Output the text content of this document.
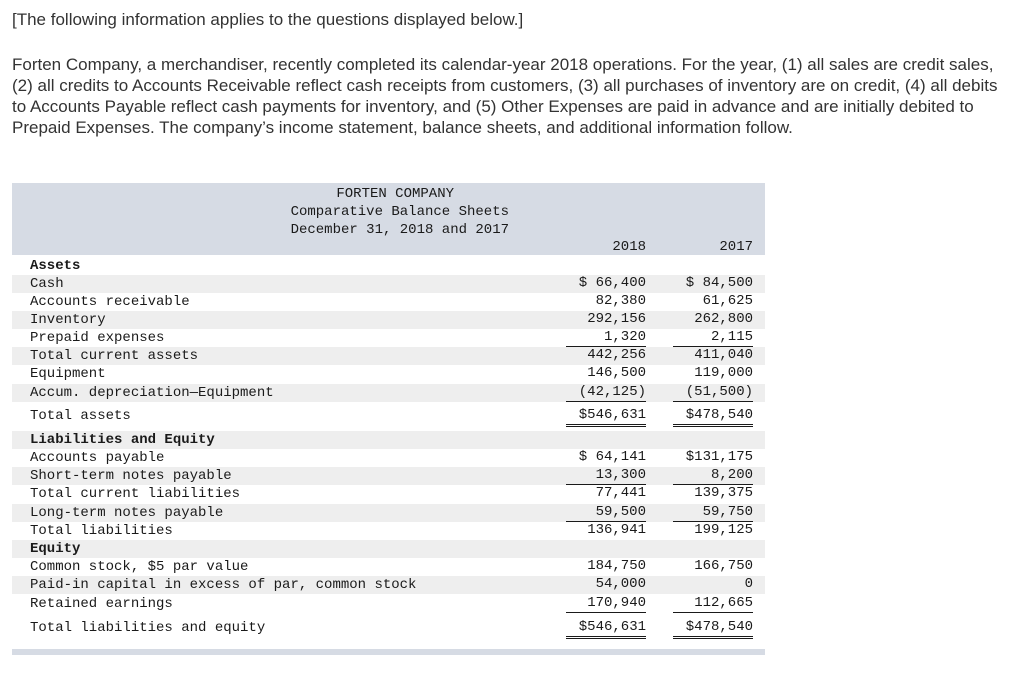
[The following information applies to the questions displayed below.]
Forten Company, a merchandiser, recently completed its calendar-year 2018 operations. For the year, (1) all sales are credit sales, (2) all credits to Accounts Receivable reflect cash receipts from customers, (3) all purchases of inventory are on credit, (4) all debits to Accounts Payable reflect cash payments for inventory, and (5) Other Expenses are paid in advance and are initially debited to Prepaid Expenses. The company’s income statement, balance sheets, and additional information follow.
FORTEN COMPANY
Comparative Balance Sheets
December 31, 2018 and 2017
2018	2017
Assets
Cash	$ 66,400	$ 84,500
Accounts receivable	82,380	61,625
Inventory	292,156	262,800
Prepaid expenses	1,320	2,115
Total current assets	442,256	411,040
Equipment	146,500	119,000
Accum. depreciation—Equipment	(42,125)	(51,500)
Total assets	$546,631	$478,540
Liabilities and Equity
Accounts payable	$ 64,141	$131,175
Short-term notes payable	13,300	8,200
Total current liabilities	77,441	139,375
Long-term notes payable	59,500	59,750
Total liabilities	136,941	199,125
Equity
Common stock, $5 par value	184,750	166,750
Paid-in capital in excess of par, common stock	54,000	0
Retained earnings	170,940	112,665
Total liabilities and equity	$546,631	$478,540
